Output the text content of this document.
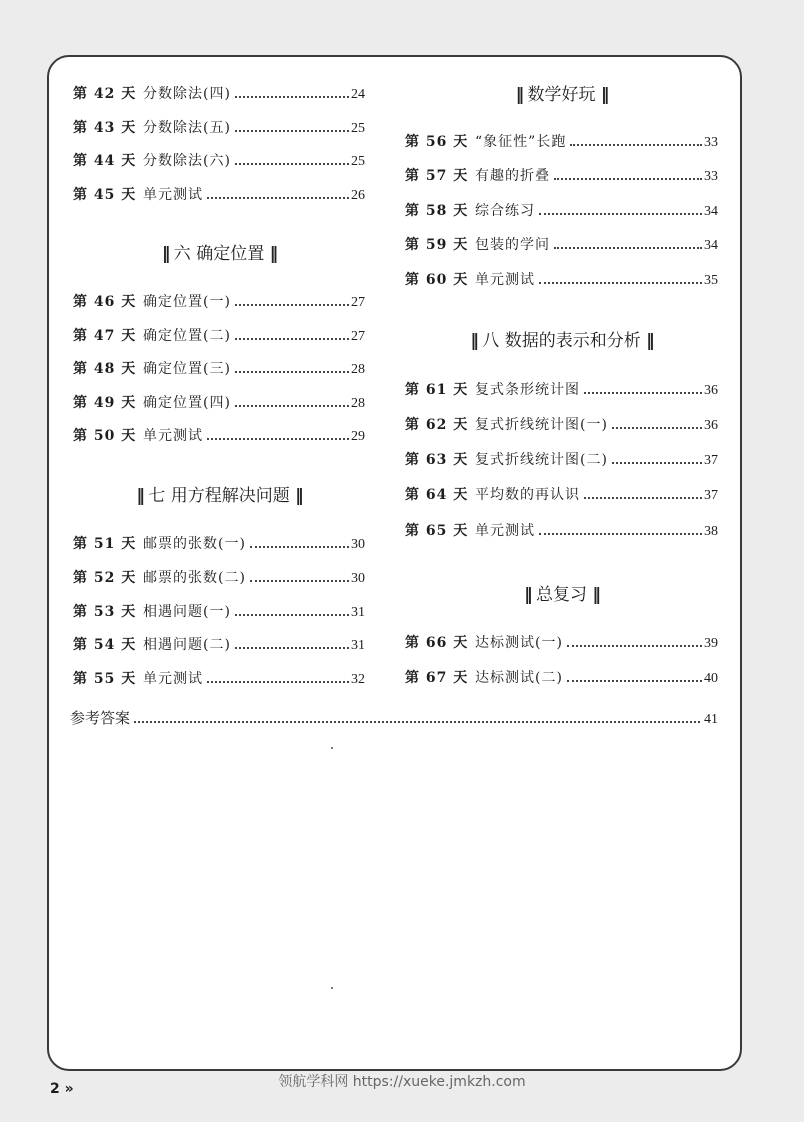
第 42 天 分数除法(四)	24
第 43 天 分数除法(五)	25
第 44 天 分数除法(六)	25
第 45 天 单元测试	26
‖ 六 确定位置 ‖
第 46 天 确定位置(一)	27
第 47 天 确定位置(二)	27
第 48 天 确定位置(三)	28
第 49 天 确定位置(四)	28
第 50 天 单元测试	29
‖ 七 用方程解决问题 ‖
第 51 天 邮票的张数(一)	30
第 52 天 邮票的张数(二)	30
第 53 天 相遇问题(一)	31
第 54 天 相遇问题(二)	31
第 55 天 单元测试	32
‖ 数学好玩 ‖
第 56 天 “象征性”长跑	33
第 57 天 有趣的折叠	33
第 58 天 综合练习	34
第 59 天 包装的学问	34
第 60 天 单元测试	35
‖ 八 数据的表示和分析 ‖
第 61 天 复式条形统计图	36
第 62 天 复式折线统计图(一)	36
第 63 天 复式折线统计图(二)	37
第 64 天 平均数的再认识	37
第 65 天 单元测试	38
‖ 总复习 ‖
第 66 天 达标测试(一)	39
第 67 天 达标测试(二)	40
参考答案	41
2 »	领航学科网 https://xueke.jmkzh.com
